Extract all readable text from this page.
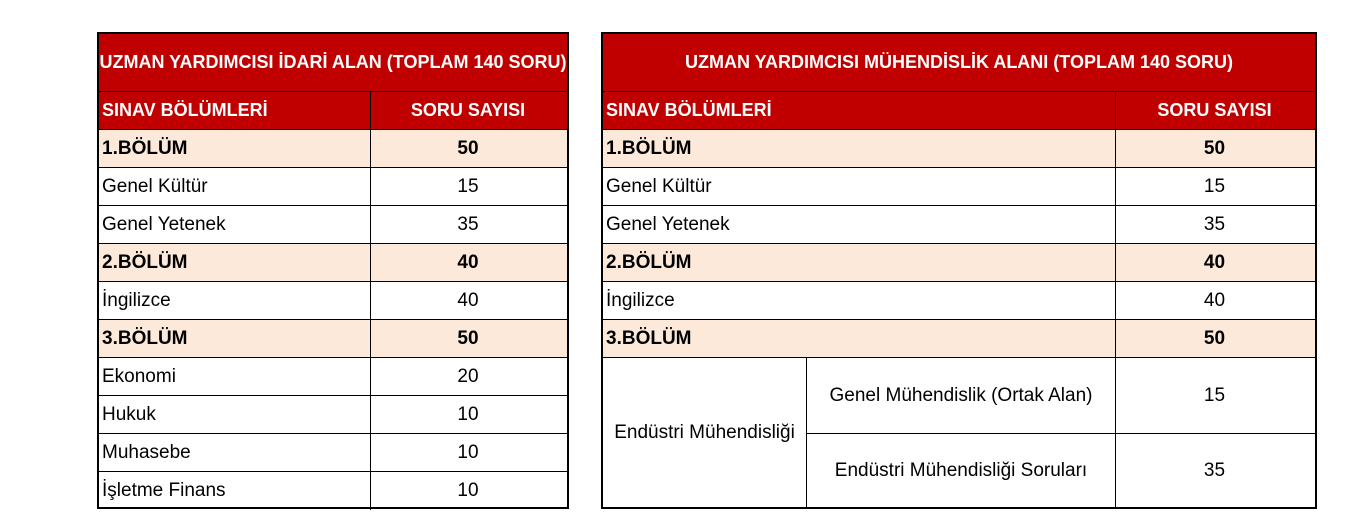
UZMAN YARDIMCISI İDARİ ALAN (TOPLAM 140 SORU)
SINAV BÖLÜMLERİ	SORU SAYISI
1.BÖLÜM	50
Genel Kültür	15
Genel Yetenek	35
2.BÖLÜM	40
İngilizce	40
3.BÖLÜM	50
Ekonomi	20
Hukuk	10
Muhasebe	10
İşletme Finans	10
UZMAN YARDIMCISI MÜHENDİSLİK ALANI (TOPLAM 140 SORU)
SINAV BÖLÜMLERİ	SORU SAYISI
1.BÖLÜM	50
Genel Kültür	15
Genel Yetenek	35
2.BÖLÜM	40
İngilizce	40
3.BÖLÜM	50
Endüstri Mühendisliği
Genel Mühendislik (Ortak Alan)	15
Endüstri Mühendisliği Soruları	35
